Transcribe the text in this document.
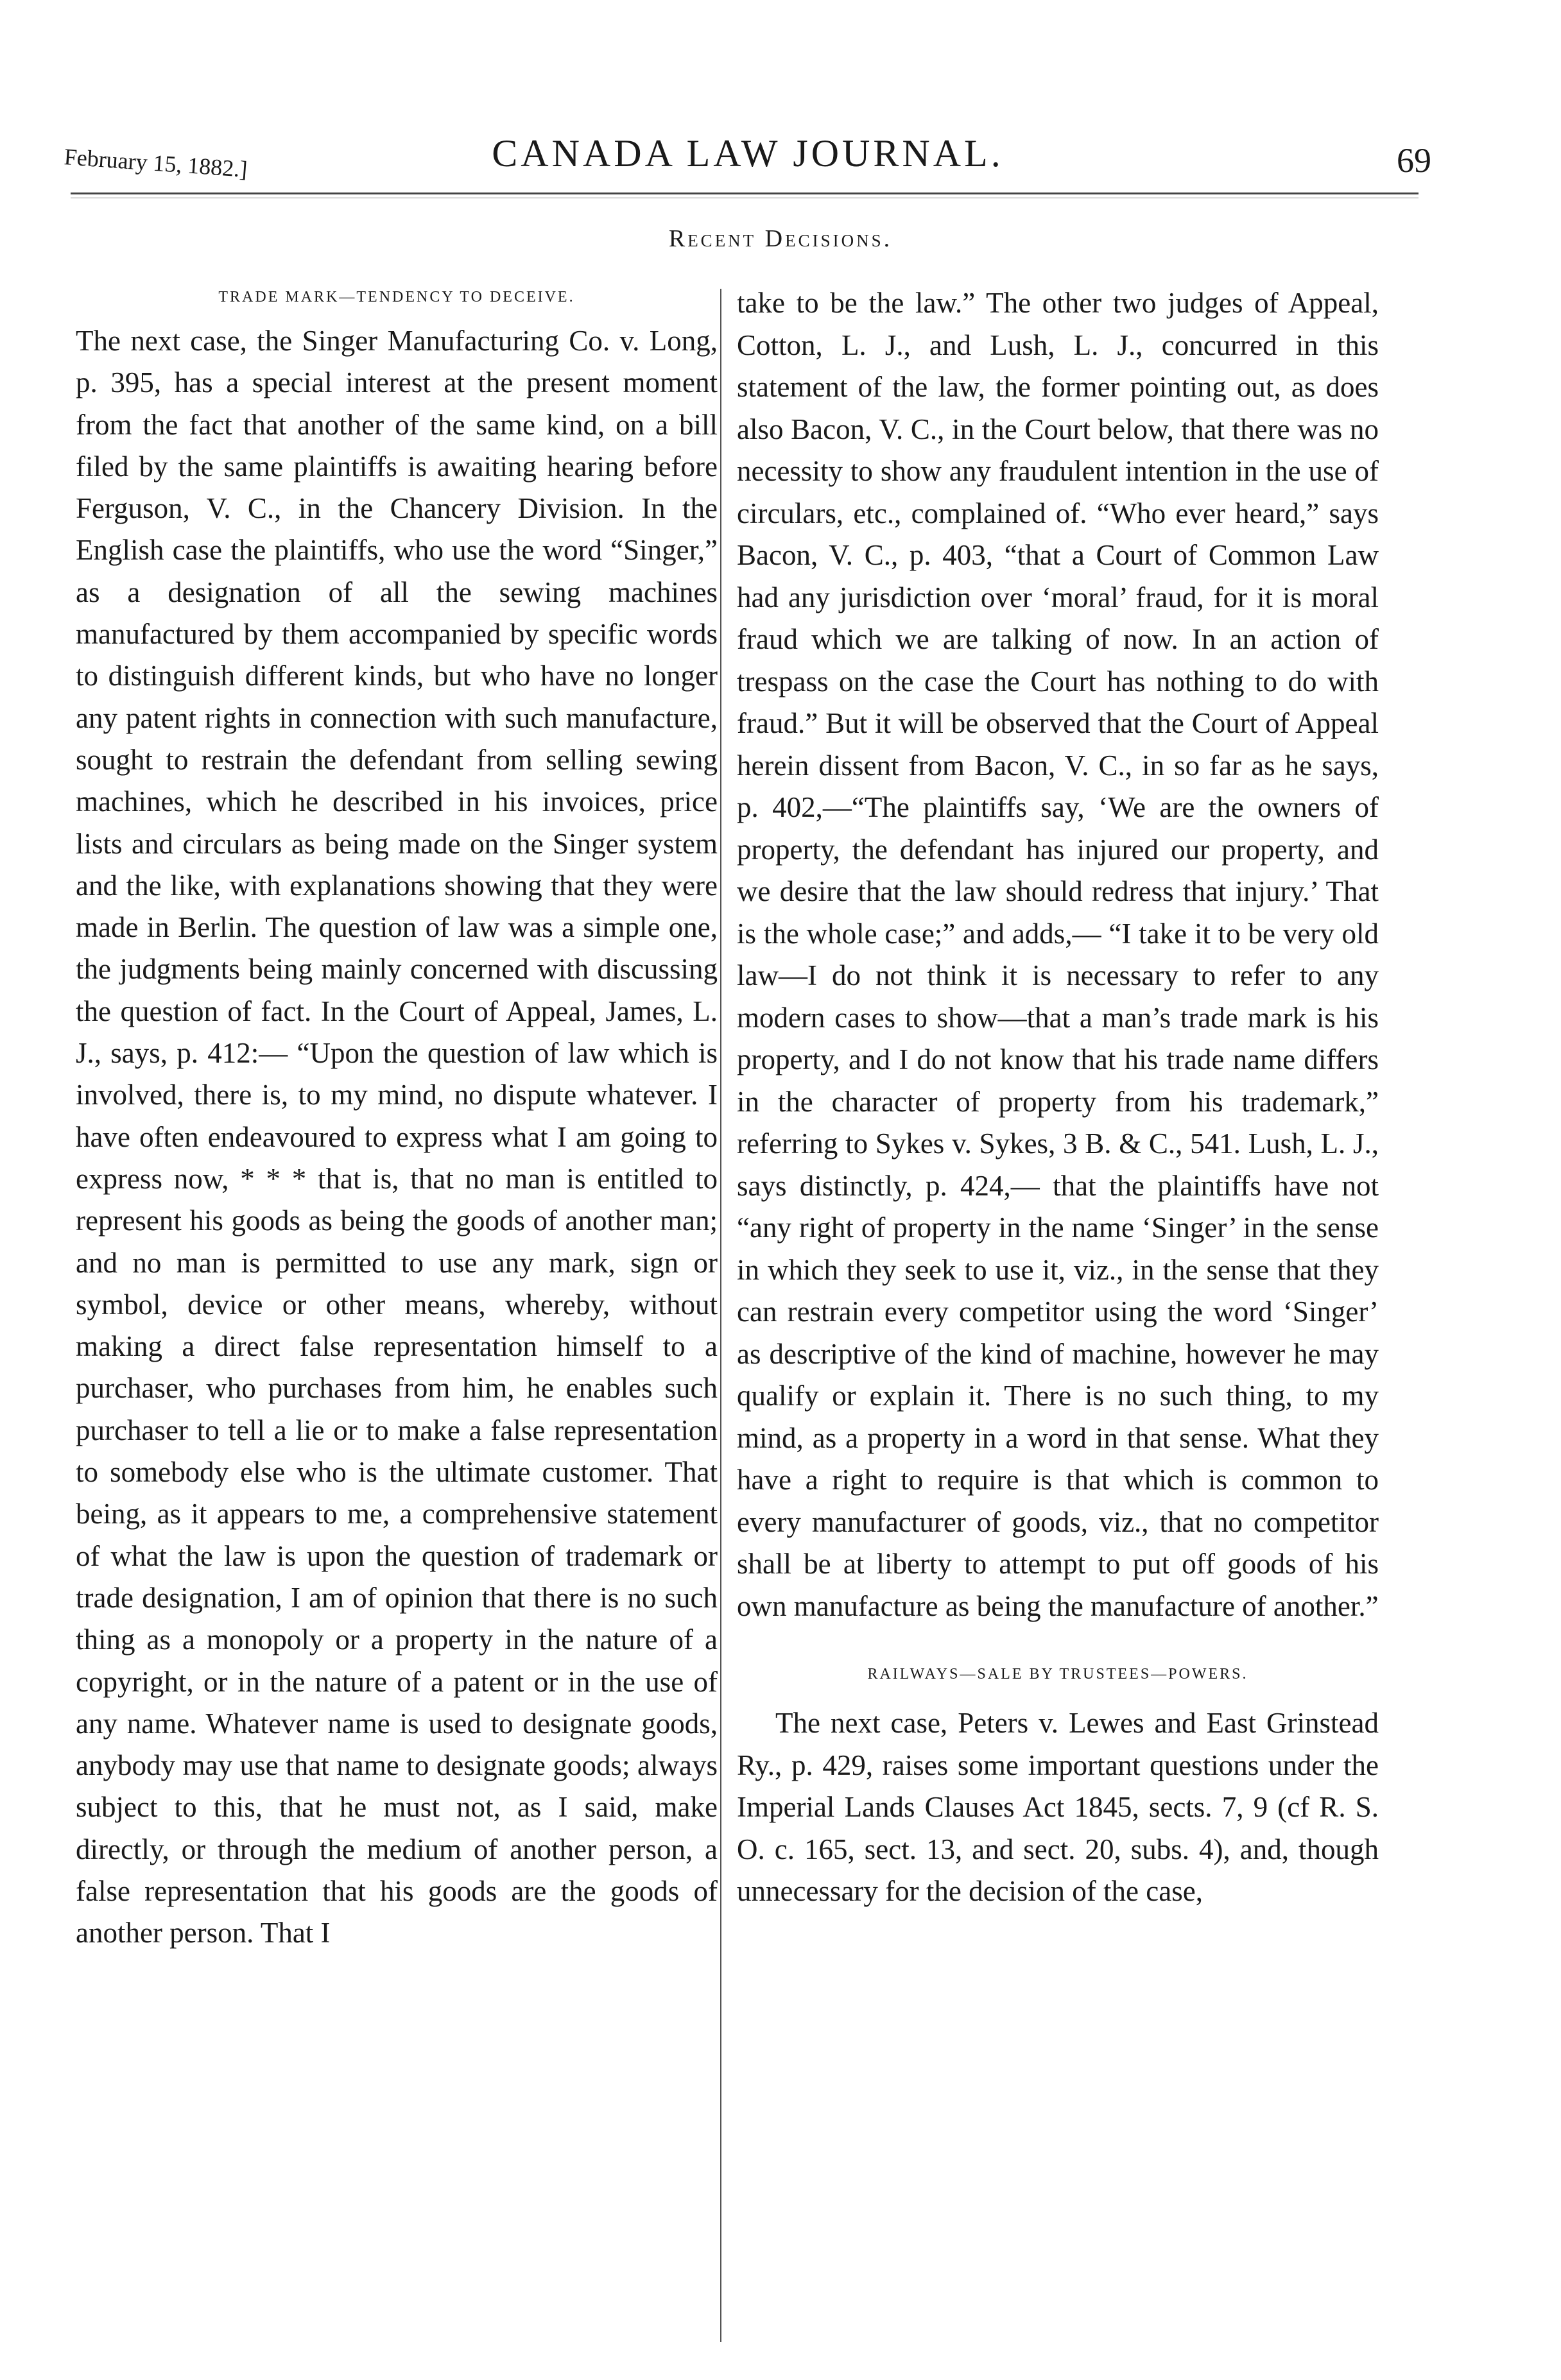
February 15, 1882.]	CANADA LAW JOURNAL.	69
Recent Decisions.
TRADE MARK—TENDENCY TO DECEIVE.

The next case, the Singer Manufacturing Co. v. Long, p. 395, has a special interest at the present moment from the fact that another of the same kind, on a bill filed by the same plaintiffs is awaiting hearing before Ferguson, V. C., in the Chancery Division. In the English case the plaintiffs, who use the word “Singer,” as a designation of all the sewing machines manufactured by them accompanied by specific words to distinguish different kinds, but who have no longer any patent rights in connection with such manufacture, sought to restrain the defendant from selling sewing machines, which he described in his invoices, price lists and circulars as being made on the Singer system and the like, with explanations showing that they were made in Berlin. The question of law was a simple one, the judgments being mainly concerned with discussing the question of fact. In the Court of Appeal, James, L. J., says, p. 412:— “Upon the question of law which is involved, there is, to my mind, no dispute whatever. I have often endeavoured to express what I am going to express now, * * * that is, that no man is entitled to represent his goods as being the goods of another man; and no man is permitted to use any mark, sign or symbol, device or other means, whereby, without making a direct false representation himself to a purchaser, who purchases from him, he enables such purchaser to tell a lie or to make a false representation to somebody else who is the ultimate customer. That being, as it appears to me, a comprehensive statement of what the law is upon the question of trademark or trade designation, I am of opinion that there is no such thing as a monopoly or a property in the nature of a copyright, or in the nature of a patent or in the use of any name. Whatever name is used to designate goods, anybody may use that name to designate goods; always subject to this, that he must not, as I said, make directly, or through the medium of another person, a false representation that his goods are the goods of another person. That I

take to be the law.” The other two judges of Appeal, Cotton, L. J., and Lush, L. J., concurred in this statement of the law, the former pointing out, as does also Bacon, V. C., in the Court below, that there was no necessity to show any fraudulent intention in the use of circulars, etc., complained of. “Who ever heard,” says Bacon, V. C., p. 403, “that a Court of Common Law had any jurisdiction over ‘moral’ fraud, for it is moral fraud which we are talking of now. In an action of trespass on the case the Court has nothing to do with fraud.” But it will be observed that the Court of Appeal herein dissent from Bacon, V. C., in so far as he says, p. 402,—“The plaintiffs say, ‘We are the owners of property, the defendant has injured our property, and we desire that the law should redress that injury.’ That is the whole case;” and adds,— “I take it to be very old law—I do not think it is necessary to refer to any modern cases to show—that a man’s trade mark is his property, and I do not know that his trade name differs in the character of property from his trademark,” referring to Sykes v. Sykes, 3 B. & C., 541. Lush, L. J., says distinctly, p. 424,— that the plaintiffs have not “any right of property in the name ‘Singer’ in the sense in which they seek to use it, viz., in the sense that they can restrain every competitor using the word ‘Singer’ as descriptive of the kind of machine, however he may qualify or explain it. There is no such thing, to my mind, as a property in a word in that sense. What they have a right to require is that which is common to every manufacturer of goods, viz., that no competitor shall be at liberty to attempt to put off goods of his own manufacture as being the manufacture of another.”

RAILWAYS—SALE BY TRUSTEES—POWERS.

The next case, Peters v. Lewes and East Grinstead Ry., p. 429, raises some important questions under the Imperial Lands Clauses Act 1845, sects. 7, 9 (cf R. S. O. c. 165, sect. 13, and sect. 20, subs. 4), and, though unnecessary for the decision of the case,
